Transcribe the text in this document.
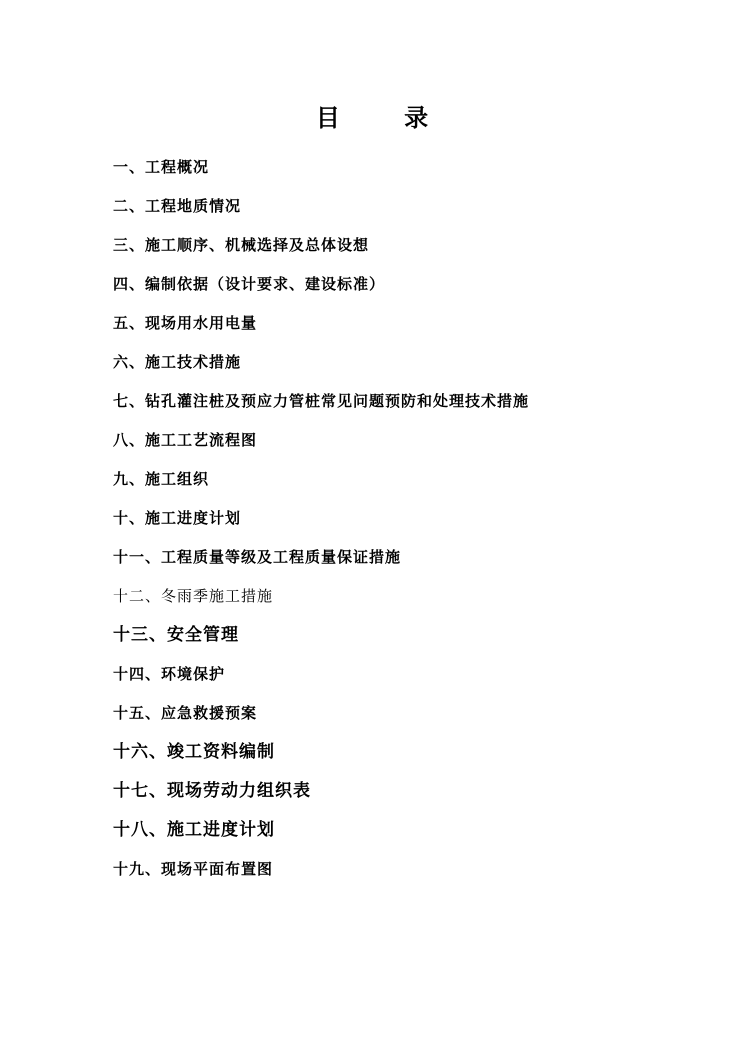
目 录
一、工程概况
二、工程地质情况
三、施工顺序、机械选择及总体设想
四、编制依据（设计要求、建设标准）
五、现场用水用电量
六、施工技术措施
七、钻孔灌注桩及预应力管桩常见问题预防和处理技术措施
八、施工工艺流程图
九、施工组织
十、施工进度计划
十一、工程质量等级及工程质量保证措施
十二、冬雨季施工措施
十三、安全管理
十四、环境保护
十五、应急救援预案
十六、竣工资料编制
十七、现场劳动力组织表
十八、施工进度计划
十九、现场平面布置图
